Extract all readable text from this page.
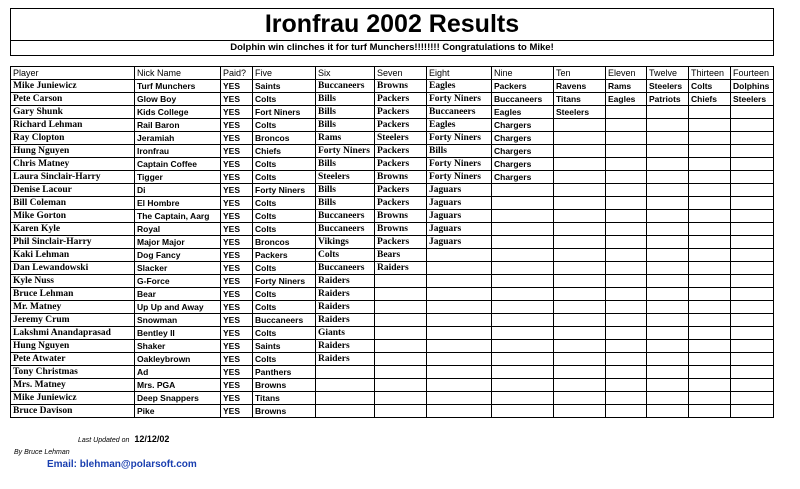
Ironfrau 2002 Results
Dolphin win clinches it for turf Munchers!!!!!!!! Congratulations to Mike!
Player	Nick Name	Paid?	Five	Six	Seven	Eight	Nine	Ten	Eleven	Twelve	Thirteen	Fourteen
Mike Juniewicz	Turf Munchers	YES	Saints	Buccaneers	Browns	Eagles	Packers	Ravens	Rams	Steelers	Colts	Dolphins
Pete Carson	Glow Boy	YES	Colts	Bills	Packers	Forty Niners	Buccaneers	Titans	Eagles	Patriots	Chiefs	Steelers
Gary Shunk	Kids College	YES	Fort Niners	Bills	Packers	Buccaneers	Eagles	Steelers				
Richard Lehman	Rail Baron	YES	Colts	Bills	Packers	Eagles	Chargers					
Ray Clopton	Jeramiah	YES	Broncos	Rams	Steelers	Forty Niners	Chargers					
Hung Nguyen	Ironfrau	YES	Chiefs	Forty Niners	Packers	Bills	Chargers					
Chris Matney	Captain Coffee	YES	Colts	Bills	Packers	Forty Niners	Chargers					
Laura Sinclair-Harry	Tigger	YES	Colts	Steelers	Browns	Forty Niners	Chargers					
Denise Lacour	Di	YES	Forty Niners	Bills	Packers	Jaguars						
Bill Coleman	El Hombre	YES	Colts	Bills	Packers	Jaguars						
Mike Gorton	The Captain, Aarg	YES	Colts	Buccaneers	Browns	Jaguars						
Karen Kyle	Royal	YES	Colts	Buccaneers	Browns	Jaguars						
Phil Sinclair-Harry	Major Major	YES	Broncos	Vikings	Packers	Jaguars						
Kaki Lehman	Dog Fancy	YES	Packers	Colts	Bears							
Dan Lewandowski	Slacker	YES	Colts	Buccaneers	Raiders							
Kyle Nuss	G-Force	YES	Forty Niners	Raiders								
Bruce Lehman	Bear	YES	Colts	Raiders								
Mr. Matney	Up Up and Away	YES	Colts	Raiders								
Jeremy Crum	Snowman	YES	Buccaneers	Raiders								
Lakshmi Anandaprasad	Bentley II	YES	Colts	Giants								
Hung Nguyen	Shaker	YES	Saints	Raiders								
Pete Atwater	Oakleybrown	YES	Colts	Raiders								
Tony Christmas	Ad	YES	Panthers									
Mrs. Matney	Mrs. PGA	YES	Browns									
Mike Juniewicz	Deep Snappers	YES	Titans									
Bruce Davison	Pike	YES	Browns									
Last Updated on 12/12/02
By Bruce Lehman
Email: blehman@polarsoft.com
